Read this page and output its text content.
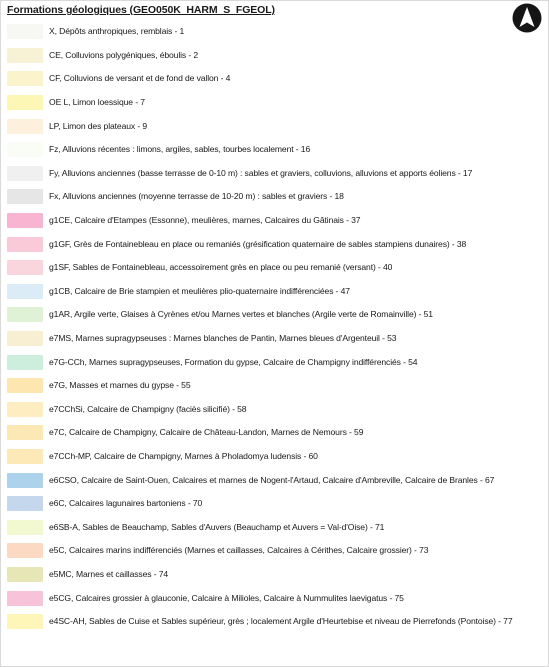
Formations géologiques (GEO050K_HARM_S_FGEOL)
X, Dépôts anthropiques, remblais - 1
CE, Colluvions polygéniques, éboulis - 2
CF, Colluvions de versant et de fond de vallon - 4
OE L, Limon loessique - 7
LP, Limon des plateaux - 9
Fz, Alluvions récentes : limons, argiles, sables, tourbes localement - 16
Fy, Alluvions anciennes (basse terrasse de 0-10 m) : sables et graviers, colluvions, alluvions et apports éoliens - 17
Fx, Alluvions anciennes (moyenne terrasse de 10-20 m) : sables et graviers - 18
g1CE, Calcaire d'Etampes (Essonne), meulières, marnes, Calcaires du Gâtinais - 37
g1GF, Grès de Fontainebleau en place ou remaniés (grésification quaternaire de sables stampiens dunaires) - 38
g1SF, Sables de Fontainebleau, accessoirement grès en place ou peu remanié (versant) - 40
g1CB, Calcaire de Brie stampien et meulières plio-quaternaire indifférenciées - 47
g1AR, Argile verte, Glaises à Cyrènes et/ou Marnes vertes et blanches (Argile verte de Romainville) - 51
e7MS, Marnes supragypseuses : Marnes blanches de Pantin, Marnes bleues d'Argenteuil - 53
e7G-CCh, Marnes supragypseuses, Formation du gypse, Calcaire de Champigny indifférenciés - 54
e7G, Masses et marnes du gypse - 55
e7CChSi, Calcaire de Champigny (faciès silicifié) - 58
e7C, Calcaire de Champigny, Calcaire de Château-Landon, Marnes de Nemours - 59
e7CCh-MP, Calcaire de Champigny, Marnes à Pholadomya ludensis - 60
e6CSO, Calcaire de Saint-Ouen, Calcaires et marnes de Nogent-l'Artaud, Calcaire d'Ambreville, Calcaire de Branles - 67
e6C, Calcaires lagunaires bartoniens - 70
e6SB-A, Sables de Beauchamp, Sables d'Auvers (Beauchamp et Auvers = Val-d'Oise) - 71
e5C, Calcaires marins indifférenciés (Marnes et caillasses, Calcaires à Cérithes, Calcaire grossier) - 73
e5MC, Marnes et caillasses - 74
e5CG, Calcaires grossier à glauconie, Calcaire à Milioles, Calcaire à Nummulites laevigatus - 75
e4SC-AH, Sables de Cuise et Sables supérieur, grès ; localement Argile d'Heurtebise et niveau de Pierrefonds (Pontoise) - 77
